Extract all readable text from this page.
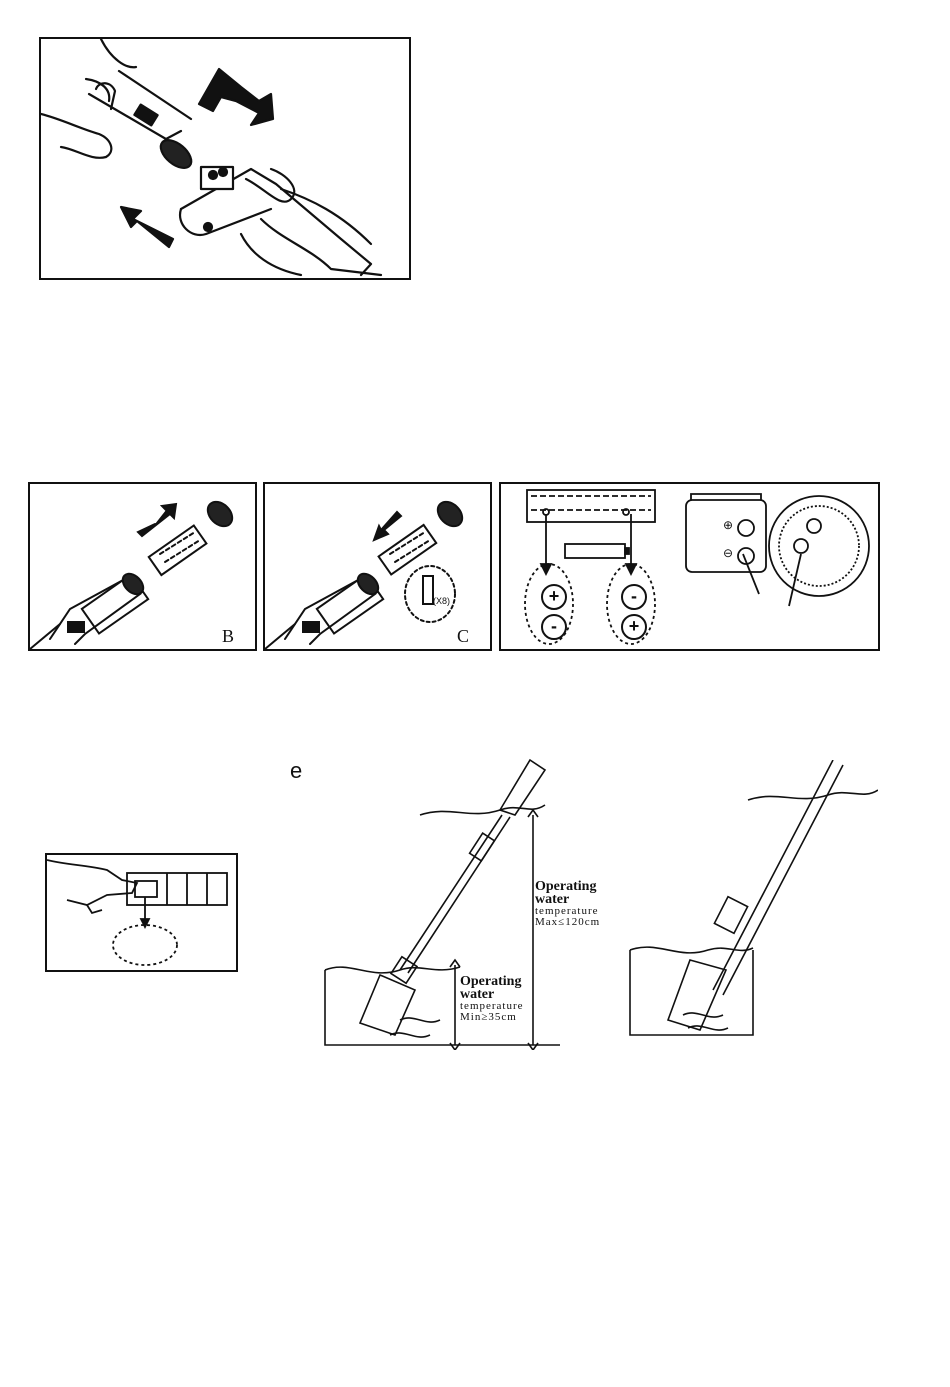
B
(X8)
C
+
-
-
+
⊕
⊖
e
Operating
water
temperature
Max≤120cm
Operating
water
temperature
Min≥35cm
